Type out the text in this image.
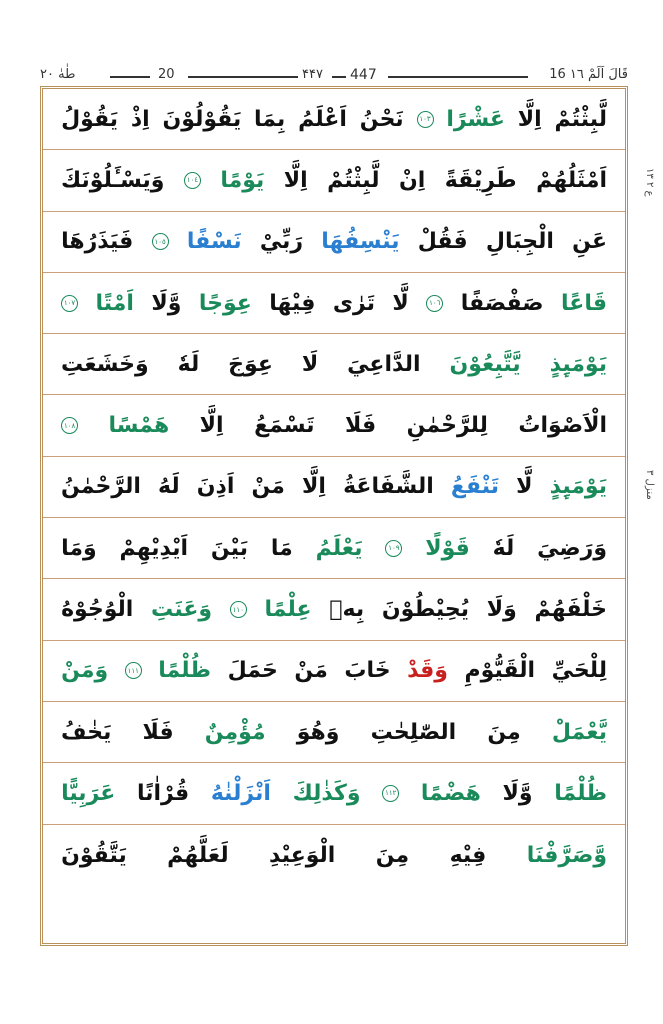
طٰهٰ ٢٠	20	۴۴۷ 447	16 قَالَ اَلَمْ ١٦
ع ٢ ١٣
منزل ٣
لَّبِثْتُمْ
اِلَّا
عَشْرًا
١٠٣
نَحْنُ
اَعْلَمُ
بِمَا
يَقُوْلُوْنَ
اِذْ
يَقُوْلُ
اَمْثَلُهُمْ
طَرِيْقَةً
اِنْ
لَّبِثْتُمْ
اِلَّا
يَوْمًا
١٠٤
وَيَسْـَٔلُوْنَكَ
عَنِ
الْجِبَالِ
فَقُلْ
يَنْسِفُهَا
رَبِّيْ
نَسْفًا
١٠٥
فَيَذَرُهَا
قَاعًا
صَفْصَفًا
١٠٦
لَّا
تَرٰى
فِيْهَا
عِوَجًا
وَّلَا
اَمْتًا
١٠٧
يَوْمَىِٕذٍ
يَّتَّبِعُوْنَ
الدَّاعِيَ
لَا
عِوَجَ
لَهٗ
وَخَشَعَتِ
الْاَصْوَاتُ
لِلرَّحْمٰنِ
فَلَا
تَسْمَعُ
اِلَّا
هَمْسًا
١٠٨
يَوْمَىِٕذٍ
لَّا
تَنْفَعُ
الشَّفَاعَةُ
اِلَّا
مَنْ
اَذِنَ
لَهُ
الرَّحْمٰنُ
وَرَضِيَ
لَهٗ
قَوْلًا
١٠٩
يَعْلَمُ
مَا
بَيْنَ
اَيْدِيْهِمْ
وَمَا
خَلْفَهُمْ
وَلَا
يُحِيْطُوْنَ
بِهٖ
عِلْمًا
١١٠
وَعَنَتِ
الْوُجُوْهُ
لِلْحَيِّ
الْقَيُّوْمِ
وَقَدْ
خَابَ
مَنْ
حَمَلَ
ظُلْمًا
١١١
وَمَنْ
يَّعْمَلْ
مِنَ
الصّٰلِحٰتِ
وَهُوَ
مُؤْمِنٌ
فَلَا
يَخٰفُ
ظُلْمًا
وَّلَا
هَضْمًا
١١٢
وَكَذٰلِكَ
اَنْزَلْنٰهُ
قُرْاٰنًا
عَرَبِيًّا
وَّصَرَّفْنَا
فِيْهِ
مِنَ
الْوَعِيْدِ
لَعَلَّهُمْ
يَتَّقُوْنَ
